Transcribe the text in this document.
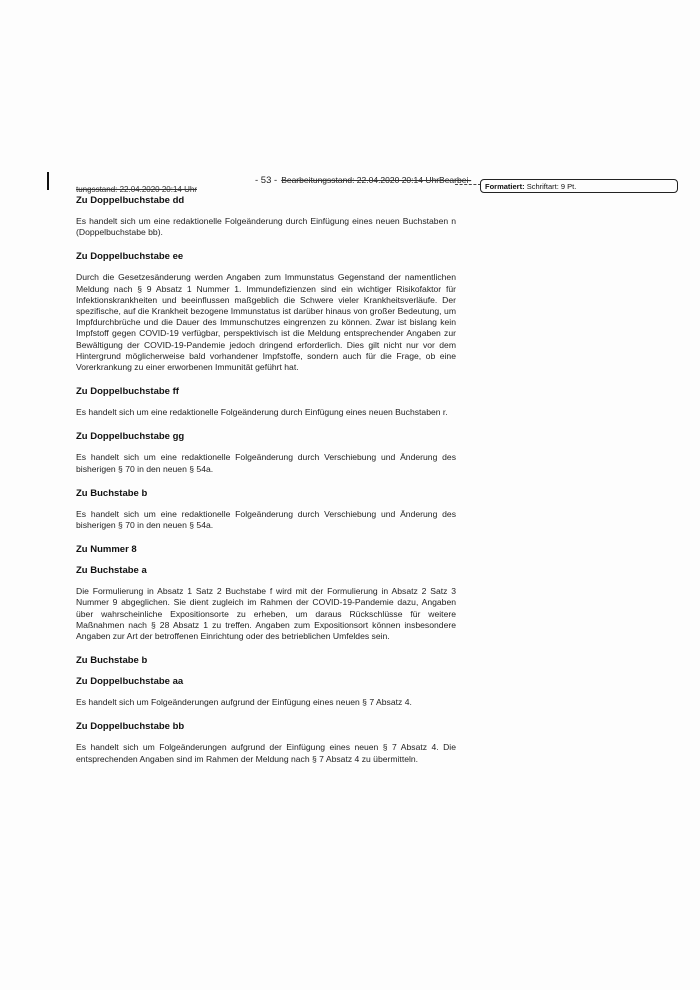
- 53 - Bearbeitungsstand: 22.04.2020 20:14 UhrBearbei-
Formatiert: Schriftart: 9 Pt.
tungsstand: 22.04.2020 20:14 Uhr
Zu Doppelbuchstabe dd

Es handelt sich um eine redaktionelle Folgeänderung durch Einfügung eines neuen Buchstaben n (Doppelbuchstabe bb).

Zu Doppelbuchstabe ee

Durch die Gesetzesänderung werden Angaben zum Immunstatus Gegenstand der namentlichen Meldung nach § 9 Absatz 1 Nummer 1. Immundefizienzen sind ein wichtiger Risikofaktor für Infektionskrankheiten und beeinflussen maßgeblich die Schwere vieler Krankheitsverläufe. Der spezifische, auf die Krankheit bezogene Immunstatus ist darüber hinaus von großer Bedeutung, um Impfdurchbrüche und die Dauer des Immunschutzes eingrenzen zu können. Zwar ist bislang kein Impfstoff gegen COVID-19 verfügbar, perspektivisch ist die Meldung entsprechender Angaben zur Bewältigung der COVID-19-Pandemie jedoch dringend erforderlich. Dies gilt nicht nur vor dem Hintergrund möglicherweise bald vorhandener Impfstoffe, sondern auch für die Frage, ob eine Vorerkrankung zu einer erworbenen Immunität geführt hat.

Zu Doppelbuchstabe ff

Es handelt sich um eine redaktionelle Folgeänderung durch Einfügung eines neuen Buchstaben r.

Zu Doppelbuchstabe gg

Es handelt sich um eine redaktionelle Folgeänderung durch Verschiebung und Änderung des bisherigen § 70 in den neuen § 54a.

Zu Buchstabe b

Es handelt sich um eine redaktionelle Folgeänderung durch Verschiebung und Änderung des bisherigen § 70 in den neuen § 54a.

Zu Nummer 8
Zu Buchstabe a

Die Formulierung in Absatz 1 Satz 2 Buchstabe f wird mit der Formulierung in Absatz 2 Satz 3 Nummer 9 abgeglichen. Sie dient zugleich im Rahmen der COVID-19-Pandemie dazu, Angaben über wahrscheinliche Expositionsorte zu erheben, um daraus Rückschlüsse für weitere Maßnahmen nach § 28 Absatz 1 zu treffen. Angaben zum Expositionsort können insbesondere Angaben zur Art der betroffenen Einrichtung oder des betrieblichen Umfeldes sein.

Zu Buchstabe b
Zu Doppelbuchstabe aa

Es handelt sich um Folgeänderungen aufgrund der Einfügung eines neuen § 7 Absatz 4.

Zu Doppelbuchstabe bb

Es handelt sich um Folgeänderungen aufgrund der Einfügung eines neuen § 7 Absatz 4. Die entsprechenden Angaben sind im Rahmen der Meldung nach § 7 Absatz 4 zu übermitteln.
